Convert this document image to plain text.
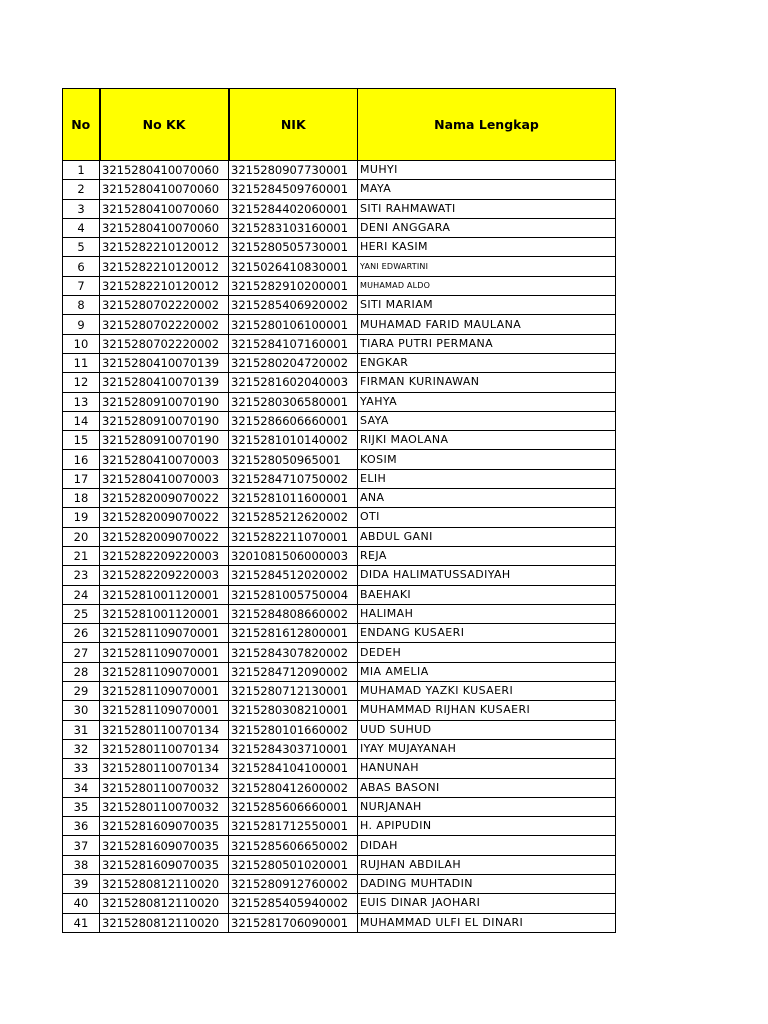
No	No KK	NIK	Nama Lengkap
1	3215280410070060	3215280907730001	MUHYI
2	3215280410070060	3215284509760001	MAYA
3	3215280410070060	3215284402060001	SITI RAHMAWATI
4	3215280410070060	3215283103160001	DENI ANGGARA
5	3215282210120012	3215280505730001	HERI KASIM
6	3215282210120012	3215026410830001	YANI EDWARTINI
7	3215282210120012	3215282910200001	MUHAMAD ALDO
8	3215280702220002	3215285406920002	SITI MARIAM
9	3215280702220002	3215280106100001	MUHAMAD FARID MAULANA
10	3215280702220002	3215284107160001	TIARA PUTRI PERMANA
11	3215280410070139	3215280204720002	ENGKAR
12	3215280410070139	3215281602040003	FIRMAN KURINAWAN
13	3215280910070190	3215280306580001	YAHYA
14	3215280910070190	3215286606660001	SAYA
15	3215280910070190	3215281010140002	RIJKI MAOLANA
16	3215280410070003	321528050965001	KOSIM
17	3215280410070003	3215284710750002	ELIH
18	3215282009070022	3215281011600001	ANA
19	3215282009070022	3215285212620002	OTI
20	3215282009070022	3215282211070001	ABDUL GANI
21	3215282209220003	3201081506000003	REJA
23	3215282209220003	3215284512020002	DIDA HALIMATUSSADIYAH
24	3215281001120001	3215281005750004	BAEHAKI
25	3215281001120001	3215284808660002	HALIMAH
26	3215281109070001	3215281612800001	ENDANG KUSAERI
27	3215281109070001	3215284307820002	DEDEH
28	3215281109070001	3215284712090002	MIA AMELIA
29	3215281109070001	3215280712130001	MUHAMAD YAZKI KUSAERI
30	3215281109070001	3215280308210001	MUHAMMAD RIJHAN KUSAERI
31	3215280110070134	3215280101660002	UUD SUHUD
32	3215280110070134	3215284303710001	IYAY MUJAYANAH
33	3215280110070134	3215284104100001	HANUNAH
34	3215280110070032	3215280412600002	ABAS BASONI
35	3215280110070032	3215285606660001	NURJANAH
36	3215281609070035	3215281712550001	H. APIPUDIN
37	3215281609070035	3215285606650002	DIDAH
38	3215281609070035	3215280501020001	RUJHAN ABDILAH
39	3215280812110020	3215280912760002	DADING MUHTADIN
40	3215280812110020	3215285405940002	EUIS DINAR JAOHARI
41	3215280812110020	3215281706090001	MUHAMMAD ULFI EL DINARI
